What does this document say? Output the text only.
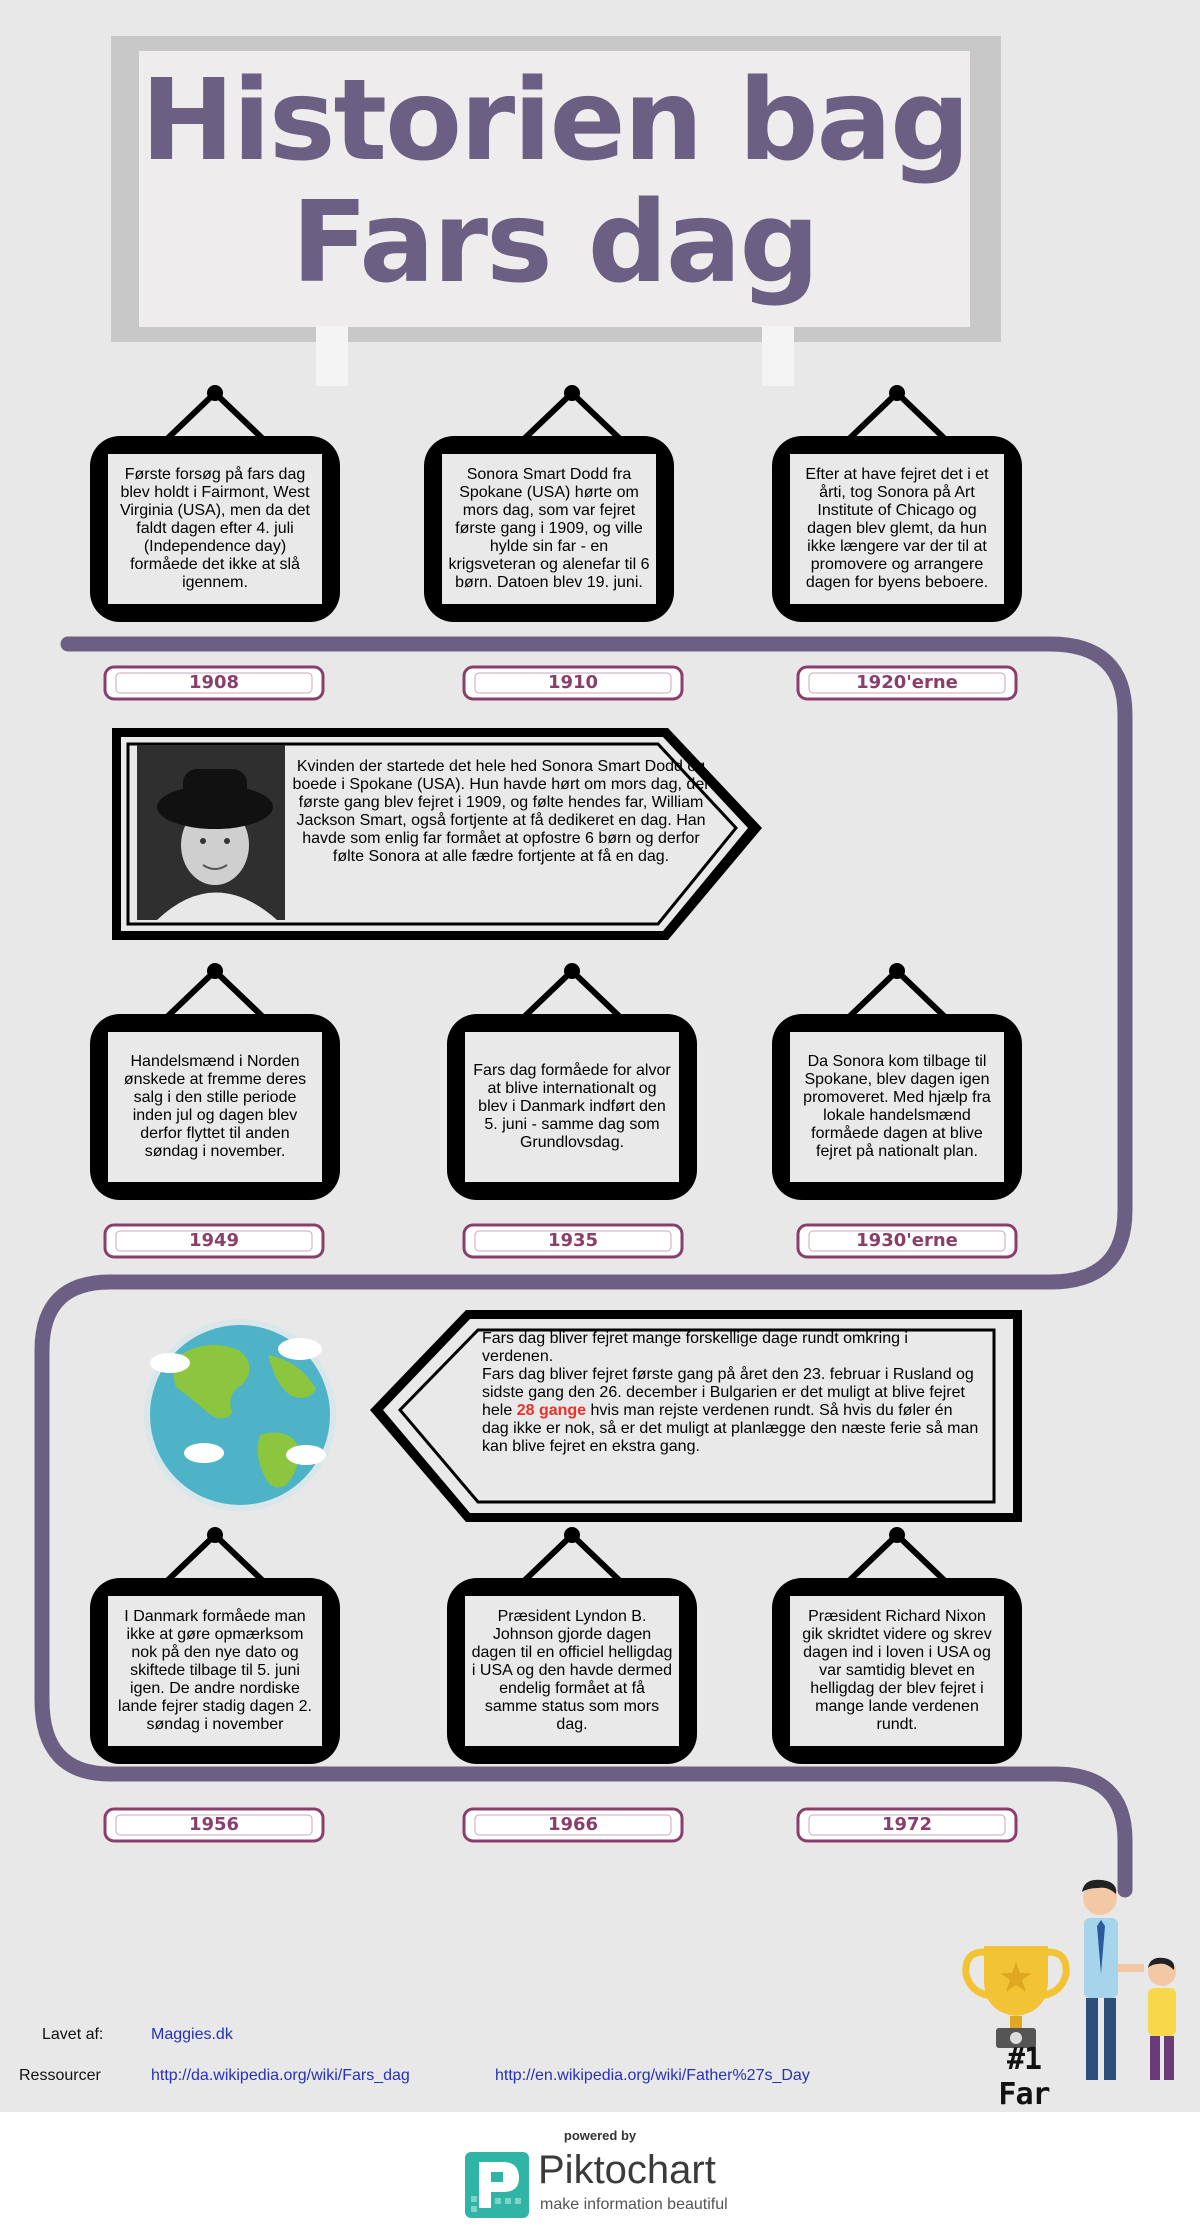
Historien bag
Fars dag
Første forsøg på fars dag blev holdt i Fairmont, West Virginia (USA), men da det faldt dagen efter 4. juli (Independence day) formåede det ikke at slå igennem.
Sonora Smart Dodd fra Spokane (USA) hørte om mors dag, som var fejret første gang i 1909, og ville hylde sin far - en krigsveteran og alenefar til 6 børn. Datoen blev 19. juni.
Efter at have fejret det i et årti, tog Sonora på Art Institute of Chicago og dagen blev glemt, da hun ikke længere var der til at promovere og arrangere dagen for byens beboere.
1908	1910	1920'erne
Kvinden der startede det hele hed Sonora Smart Dodd og boede i Spokane (USA). Hun havde hørt om mors dag, der første gang blev fejret i 1909, og følte hendes far, William Jackson Smart, også fortjente at få dedikeret en dag. Han havde som enlig far formået at opfostre 6 børn og derfor følte Sonora at alle fædre fortjente at få en dag.
Handelsmænd i Norden ønskede at fremme deres salg i den stille periode inden jul og dagen blev derfor flyttet til anden søndag i november.
Fars dag formåede for alvor at blive internationalt og blev i Danmark indført den 5. juni - samme dag som Grundlovsdag.
Da Sonora kom tilbage til Spokane, blev dagen igen promoveret. Med hjælp fra lokale handelsmænd formåede dagen at blive fejret på nationalt plan.
1949	1935	1930'erne
Fars dag bliver fejret mange forskellige dage rundt omkring i verdenen.
Fars dag bliver fejret første gang på året den 23. februar i Rusland og sidste gang den 26. december i Bulgarien er det muligt at blive fejret hele 28 gange hvis man rejste verdenen rundt. Så hvis du føler én dag ikke er nok, så er det muligt at planlægge den næste ferie så man kan blive fejret en ekstra gang.
I Danmark formåede man ikke at gøre opmærksom nok på den nye dato og skiftede tilbage til 5. juni igen. De andre nordiske lande fejrer stadig dagen 2. søndag i november
Præsident Lyndon B. Johnson gjorde dagen dagen til en officiel helligdag i USA og den havde dermed endelig formået at få samme status som mors dag.
Præsident Richard Nixon gik skridtet videre og skrev dagen ind i loven i USA og var samtidig blevet en helligdag der blev fejret i mange lande verdenen rundt.
1956	1966	1972
#1 Far
Lavet af:	Maggies.dk
Ressourcer	http://da.wikipedia.org/wiki/Fars_dag	http://en.wikipedia.org/wiki/Father%27s_Day
powered by
Piktochart
make information beautiful
